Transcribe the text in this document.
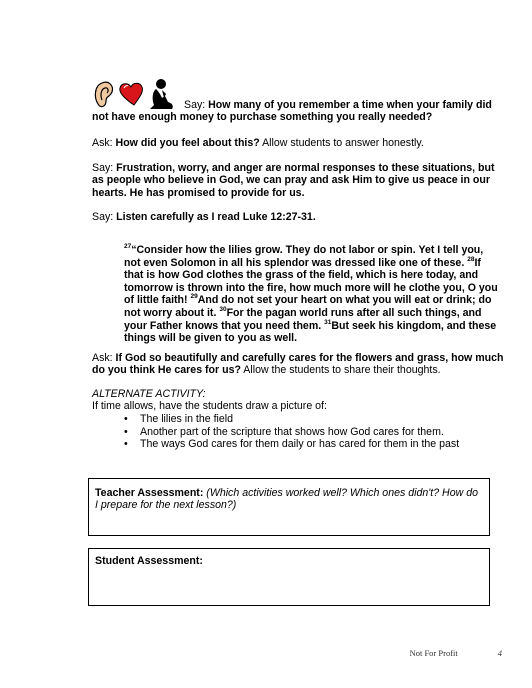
Say: How many of you remember a time when your family did not have enough money to purchase something you really needed?
Ask: How did you feel about this? Allow students to answer honestly.
Say: Frustration, worry, and anger are normal responses to these situations, but as people who believe in God, we can pray and ask Him to give us peace in our hearts. He has promised to provide for us.
Say: Listen carefully as I read Luke 12:27-31.
$^{27}$“Consider how the lilies grow. They do not labor or spin. Yet I tell you, not even Solomon in all his splendor was dressed like one of these. $^{28}$If that is how God clothes the grass of the field, which is here today, and tomorrow is thrown into the fire, how much more will he clothe you, O you of little faith! $^{29}$And do not set your heart on what you will eat or drink; do not worry about it. $^{30}$For the pagan world runs after all such things, and your Father knows that you need them. $^{31}$But seek his kingdom, and these things will be given to you as well.
Ask: If God so beautifully and carefully cares for the flowers and grass, how much do you think He cares for us? Allow the students to share their thoughts.
ALTERNATE ACTIVITY:
If time allows, have the students draw a picture of:
• The lilies in the field
• Another part of the scripture that shows how God cares for them.
• The ways God cares for them daily or has cared for them in the past
Teacher Assessment: (Which activities worked well? Which ones didn't? How do I prepare for the next lesson?)
Student Assessment:
Not For Profit	4
